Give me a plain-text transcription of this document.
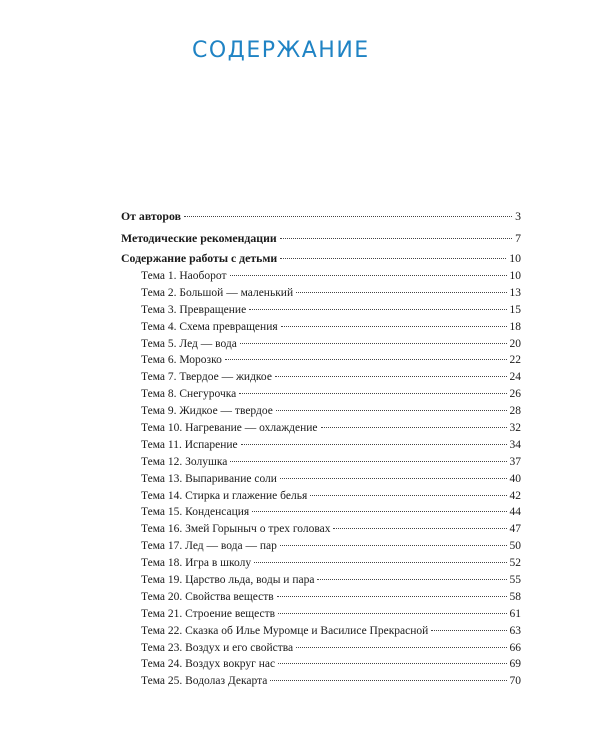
СОДЕРЖАНИЕ
От авторов	3
Методические рекомендации	7
Содержание работы с детьми	10
Тема 1. Наоборот	10
Тема 2. Большой — маленький	13
Тема 3. Превращение	15
Тема 4. Схема превращения	18
Тема 5. Лед — вода	20
Тема 6. Морозко	22
Тема 7. Твердое — жидкое	24
Тема 8. Снегурочка	26
Тема 9. Жидкое — твердое	28
Тема 10. Нагревание — охлаждение	32
Тема 11. Испарение	34
Тема 12. Золушка	37
Тема 13. Выпаривание соли	40
Тема 14. Стирка и глажение белья	42
Тема 15. Конденсация	44
Тема 16. Змей Горыныч о трех головах	47
Тема 17. Лед — вода — пар	50
Тема 18. Игра в школу	52
Тема 19. Царство льда, воды и пара	55
Тема 20. Свойства веществ	58
Тема 21. Строение веществ	61
Тема 22. Сказка об Илье Муромце и Василисе Прекрасной	63
Тема 23. Воздух и его свойства	66
Тема 24. Воздух вокруг нас	69
Тема 25. Водолаз Декарта	70
